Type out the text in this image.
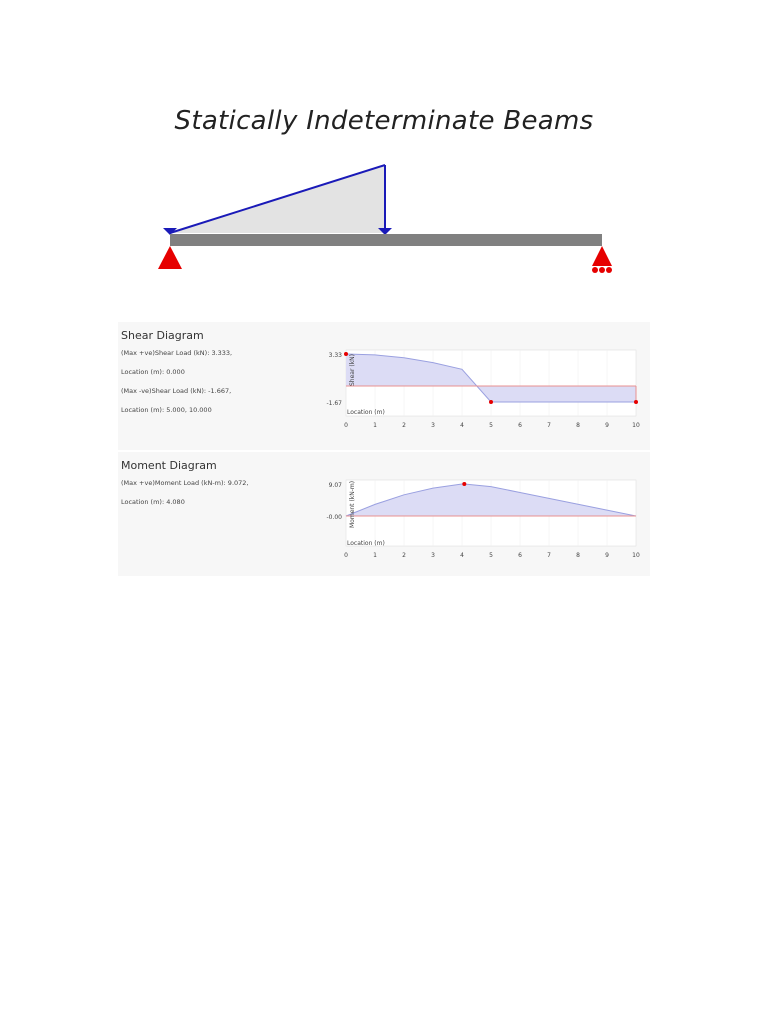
Statically Indeterminate Beams
Shear Diagram
(Max +ve)Shear Load (kN): 3.333,
Location (m): 0.000
(Max -ve)Shear Load (kN): -1.667,
Location (m): 5.000, 10.000
Moment Diagram
(Max +ve)Moment Load (kN-m): 9.072,
Location (m): 4.080
3.33
-1.67
Shear (kN)
Location (m)
0	1	2	3	4	5	6	7	8	9	10
9.07
-0.00 Moment (kN-m)
Location (m)
0	1	2	3	4	5	6	7	8	9	10
